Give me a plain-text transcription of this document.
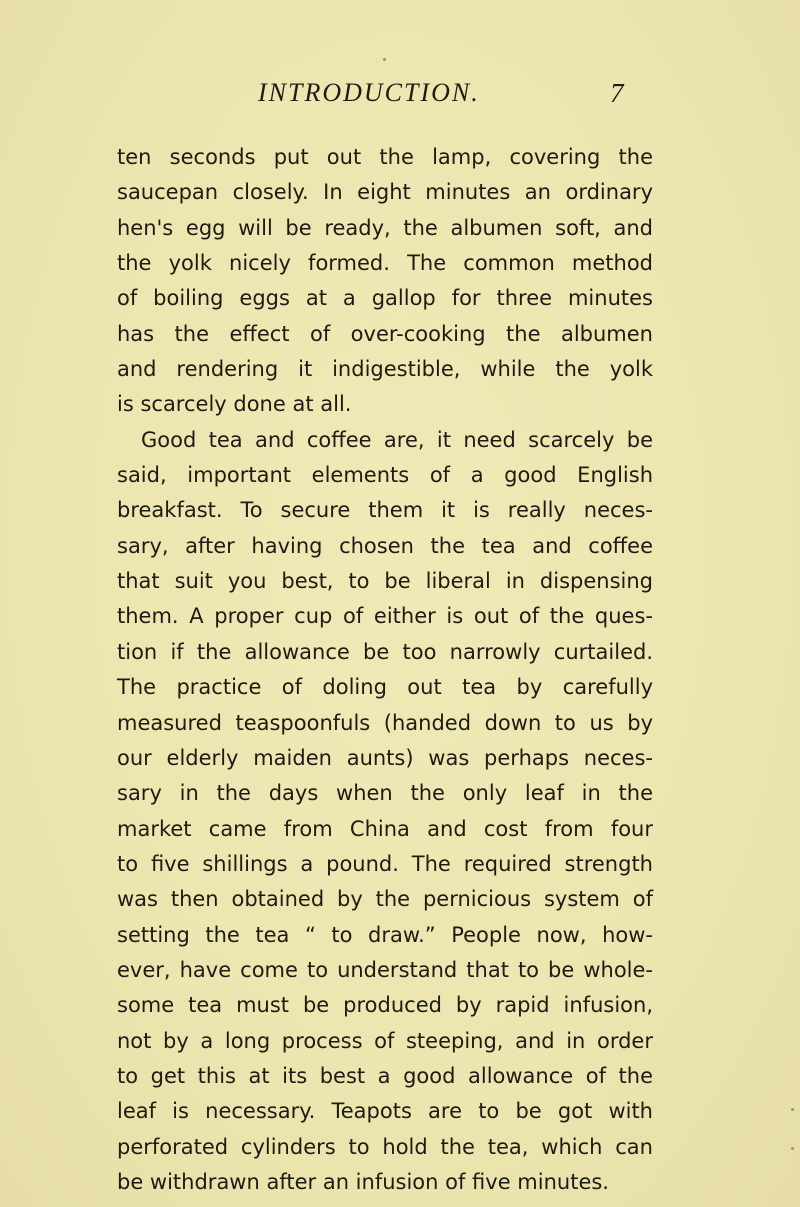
INTRODUCTION.	7
ten seconds put out the lamp, covering the
saucepan closely. In eight minutes an ordinary
hen's egg will be ready, the albumen soft, and
the yolk nicely formed. The common method
of boiling eggs at a gallop for three minutes
has the effect of over-cooking the albumen
and rendering it indigestible, while the yolk
is scarcely done at all.
Good tea and coffee are, it need scarcely be
said, important elements of a good English
breakfast. To secure them it is really neces-
sary, after having chosen the tea and coffee
that suit you best, to be liberal in dispensing
them. A proper cup of either is out of the ques-
tion if the allowance be too narrowly curtailed.
The practice of doling out tea by carefully
measured teaspoonfuls (handed down to us by
our elderly maiden aunts) was perhaps neces-
sary in the days when the only leaf in the
market came from China and cost from four
to five shillings a pound. The required strength
was then obtained by the pernicious system of
setting the tea “ to draw.” People now, how-
ever, have come to understand that to be whole-
some tea must be produced by rapid infusion,
not by a long process of steeping, and in order
to get this at its best a good allowance of the
leaf is necessary. Teapots are to be got with
perforated cylinders to hold the tea, which can
be withdrawn after an infusion of five minutes.
